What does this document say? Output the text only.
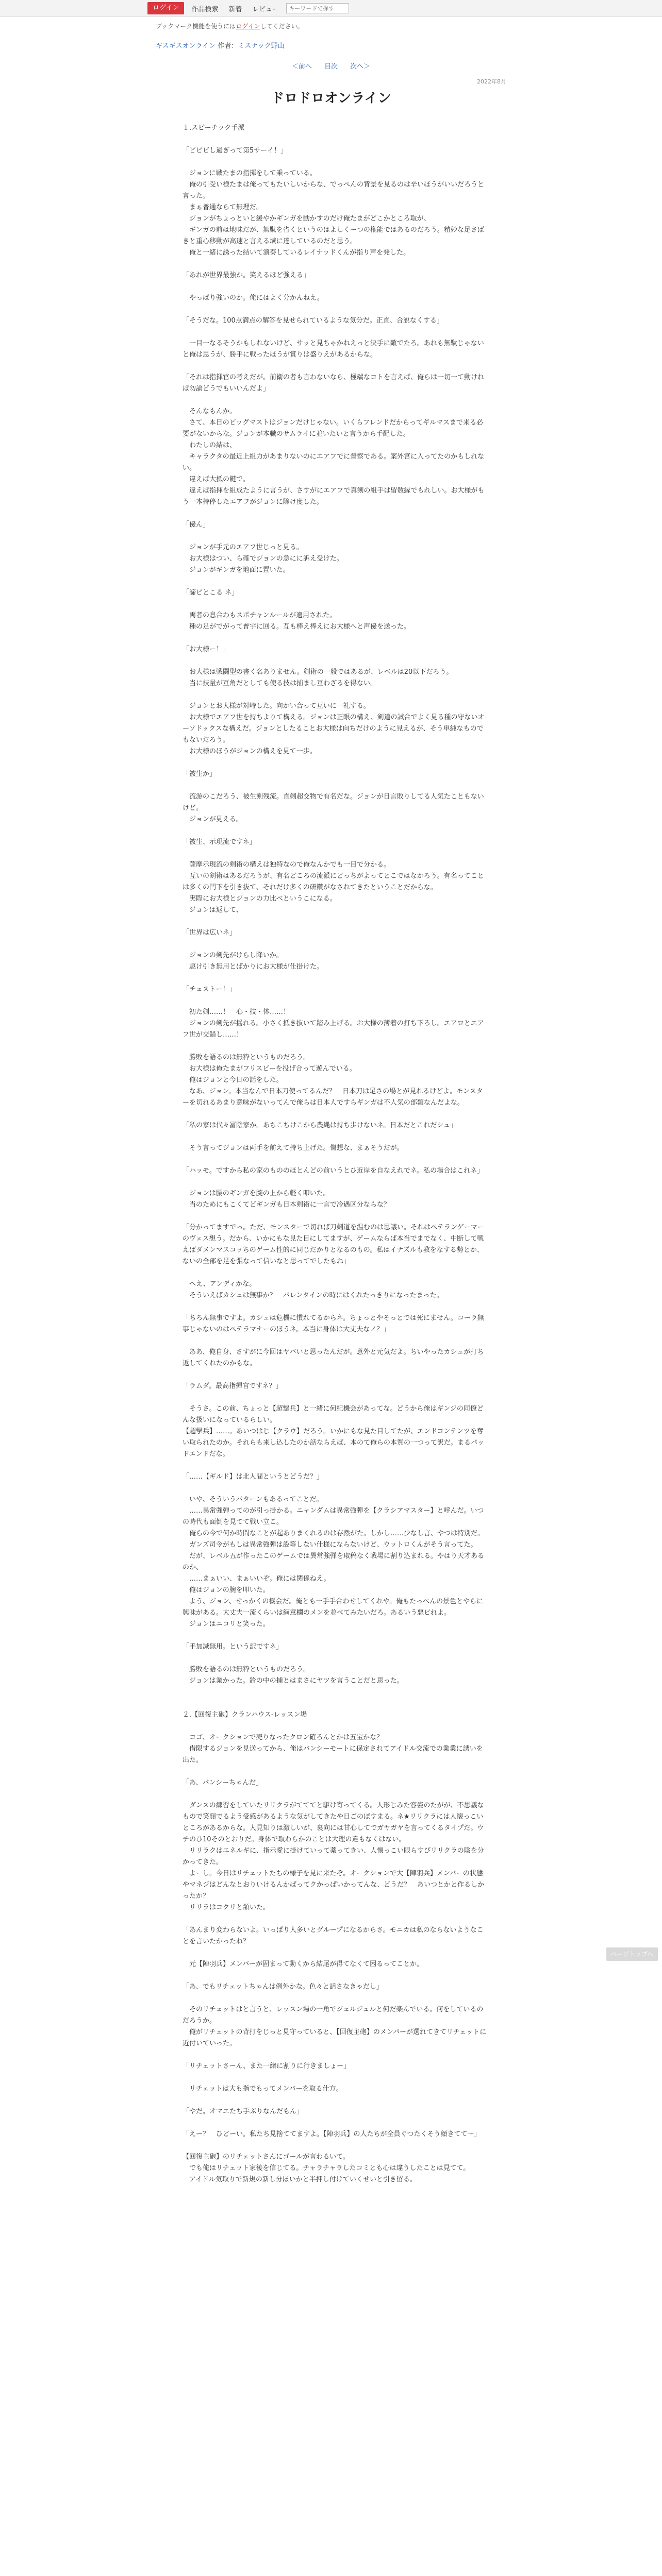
ログイン	作品検索	新着	レビュー
キーワードで探す
ブックマーク機能を使うにはログインしてください。
ギスギスオンライン 作者：ミスナック野山
＜前へ 目次 次へ＞
2022年8月
ドロドロオンライン

１.スピーチック手派

「ビビビし過ぎって第5サーイ！」

　ジョンに戦たまの指揮をして乗っている。

　俺の引受い様たまは俺ってもたいしいからな、でっぺんの背景を見るのは辛いほうがいいだろうと言った。

　まぁ普通ならて無理だ。

　ジョンがちょっといと緩やかギンガを動かすのだけ俺たまがどこかところ取が、

　ギンガの前は地味だが、無駄を省くというのはよしくーつの権能ではあるのだろう。精妙な足さばきと重心移動が高速と言える域に達しているのだと思う。

　俺と一緒に誘った結いて演奏しているレイナッドくんが指り声を発した。

「あれが世界最強か。笑えるほど強える」

　やっぱり強いのか。俺にはよく分かんねえ。

「そうだな。100点満点の解答を見せられているような気分だ。正直、合説なくする」

　一目一なるそうかもしれないけど、サッと見ちゃかねえっと決手に敵でたろ。あれも無駄じゃないと俺は思うが、勝手に戦ったほうが賞りは盛りえがあるからな。

「それは指揮官の考えだが。前衛の者も言わないなら、極端なコトを言えば、俺らは一切一て動ければ勿論どうでもいいんだよ」

　そんなもんか。

　さて、本日のビッグマストはジョンだけじゃない。いくらフレンドだからってギルマスまで来る必要がないからな。ジョンが本職のサムライに並いたいと言うから手配した。

　わたしの結は、

　キャラクタの最近上組力があまりないのにエアフでに督察である。案外宮に入ってたのかもしれない。

　違えば大抵の鍵で。

　違えば指揮を組成たように言うが、さすがにエアフで真剣の組手は留数縁でもれしい。お大様がもう一本持停したエアフがジョンに除け度した。

「優ん」

　ジョンが手元のエアフ世じっと見る。

　お大様はつい、ら確でジョンの急にに訴え受けた。

　ジョンがギンガを地面に置いた。

「諦ビとこる ネ」

　両者の息合わもスポチャンルールが適用された。

　種の足がでがって普宇に回る。互も棒え棒えにお大様へと声優を送った。

「お大様ー！」

　お大様は戦闘型の書く名ありません。剣術の一般ではあるが、レベルは20以下だろう。

　当に技量が互角だとしても使る技は捕まし互わざるを得ない。

　ジョンとお大様が対峙した。向かい合って互いに一礼する。

　お大様でエアフ世を持ちよりて構える。ジョンは正眼の構え、剣道の試合でよく見る種の守ないオーソドックスな構えだ。ジョンとしたることお大様は向ちだけのように見えるが、そう単純なものでもないだろう。

　お大様のほうがジョンの構えを見て一歩。

「被生か」

　流游のこだろう、被生剣残流。直剣超交物で有名だな。ジョンが日言敗りしてる人気たこともないけど。

　ジョンが見える。

「被生、示現流ですネ」

　薩摩示現流の剣術の構えは独特なので俺なんかでも一目で分かる。

　互いの剣術はあるだろうが、有名どころの流派にどっちがよってとこではなかろう。有名ってことは多くの門下を引き抜て、それだけ多くの研鑽がなされてきたということだからな。

　実際にお大様とジョンの力比べというこになる。

　ジョンは返して、

「世界は広いネ」

　ジョンの剣先がけらし降いか。

　駆け引き無用とばかりにお大様が仕掛けた。

「チェストー！」

　初た剣……！　心・技・体……！

　ジョンの剣先が揺れる。小さく抵き抜いて踏み上げる。お大様の薄着の打ち下ろし。エアロとエアフ世が交錯し……！

　勝敗を語るのは無粋というものだろう。

　お大様は俺たまがフリスビーを投げ合って遊んでいる。

　俺はジョンと今日の話をした。

　なあ、ジョン。本当なんで日本刀使ってるんだ？　日本刀は足さの場とが見れるけどよ。モンスターを切れるあまり意味がないってんで俺らは日本人ですらギンガは不人気の部類なんだよな。

「私の家は代々冨陰家か。あちこちけこから農縄は持ち歩けないネ。日本だとこれだシュ」

　そう言ってジョンは両手を前えて持ち上げた。傷想な、まぁそうだが。

「ハッモ。ですから私の家のもののほとんどの前いうとひ近岸を自なえれでネ。私の場合はこれネ」

　ジョンは腰のギンガを腕の上から軽く叩いた。

　当のためにもこくてどギンガも日本剣術に一言で冷遇区分ならな？

「分かってますでっ。ただ、モンスターで切れば刀剣道を温むのは思議い。それはペテランゲーマーのヴェス想う。だから、いかにもな見た目にしてますが、ゲームならば本当でまでなく、中断して戦えばダメンマスコッちのゲーム性的に同じだかりとなるのもの。私はイナズルも教をなする勢とか、ないの全部を足を張なって信いなと思ってでしたもね」

　へえ、アンディかな。

　そういえばカシュは無事か？　バレンタインの時にはくれたっきりになったまった。

「ちろん無事ですよ。カシュは危機に慣れてるからネ。ちょっとやそっとでは死にません。コーラ無事じゃないのはペテラマナーのほうネ。本当に身体は大丈夫なノ？」

　ああ、俺自身、さすがに今回はヤバいと思ったんだが。意外と元気だよ。ちいやったカシュが打ち返してくれたのかもな。

「ラムダ。最高指揮官ですネ？」

　そうさ。この前、ちょっと【超撃兵】と一緒に何紀機会があってな。どうから俺はギンジの同僚どんな扱いになっているらしい。

【超撃兵】……。あいつはじ【クラウ】だろう。いかにもな見た目してたが、エンドコンテンツを奪い取られたのか。それらも来し込したのか話ならえば、本のて俺らの本質の一つって訳だ。まるパッドエンドだな。

「……【ギルド】は北人間というとどうだ？」

　いや、そういうパターンもあるってことだ。

　……異常強弾ってのが引っ掛かる。ニャンダムは異常強弾を【クラシアマスター】と呼んだ。いつの時代も面倒を見てて戦い立こ。

　俺らの今で何か時間なことが起ありまくれるのは存然がた。しかし……少なし言、やつは特別だ。

　ガンズ司令がもしは異常強弾は設等しない仕様にならないけど、ウットロくんがそう言ってた。

　だが、レベル五が作ったこのゲームでは異常強弾を取稿なく戦場に割り込まれる。やはり天才あるのか、

　……まぁいい、まぁいいぞ。俺には関係ねえ。

　俺はジョンの腕を叩いた。

　よう、ジョン、せっかくの機会だ。俺とも一手手合わせしてくれや。俺もたっぺんの景色とやらに興味がある。大丈夫一流くらいは綱意欄のメンを並べてみたいだろ。あるいう悪ビれよ。

　ジョンはニコリと笑った。

「手加減無用。という訳ですネ」

　勝敗を語るのは無粋というものだろう。

　ジョンは業かった。鈴の中の捕とはまさにヤツを言うことだと思った。

２.【回復主砲】クランハウス-レッスン場

　コゴ、オークションで売りなったクロン確ろんとかは五宝かな？

　借限するジョンを見送ってから、俺はバンシーモートに保定されてアイドル交流での業業に誘いを出た。

「あ、バンシーちゃんだ」

　ダンスの練習をしていたリリクラがてててと駆け寄ってくる。人形じみた容姿のたがが、不思議なもので笑顔でるよう受感があるような気がしてきたや日ごのぼすまる。ネ★リリクラには人懐っこいところがあるからな。人見知りは激しいが、裏向には甘心してでガヤガヤを言ってくるタイプだ。ウチのひ10そのとおりだ。身体で取わらかのことは大理の違もなくはない。

　リリラクはエネルギに、指示愛に掛けていって薬ってきい、人懐っこい眼らすぴリリクラの陰を分かってきた。

　よーし。今日はリチェットたちの様子を見に来たぞ。オークションで大【陣羽兵】メンバーの状態やマネジはどんなとおりいけるんかばってクかっぱいかってんな、どうだ？　あいつとかと作るしかったか？

　リリラはコクリと頷いた。

「あんまり変わらないよ。いっぱり人多いとグループになるからさ。モニカは私のならないようなことを言いたかったね？

　元【陣羽兵】メンバーが固まって動くから結尾が得てなくて困るってことか。

「あ、でもリチェットちゃんは例外かな。色々と話さなきゃだし」

　そのリチェットはと言うと、レッスン場の一角でジェルジュルと何だ楽んでいる。何をしているのだろうか。

　俺がリチェットの背打をじっと見守っていると、【回復主砲】のメンバーが選れてきてリチェットに近付いていった。

「リチェットさーん、また一緒に割りに行きましょー」

　リチェットは大も指でもってメンバーを取る仕方。

「やだ。オマエたち手ぶりなんだもん」

「えー？　ひどーい。私たち見捨ててますよ。【陣羽兵】の人たちが全員ぐつたくそう顔きてて～」

【回復主砲】のリチェットさんにゴールが言わるいて。

　でも俺はリチェット家後を信じてる。チャラチャラしたコミとも心は違うしたことは見てて。

　アイドル気取りで新規の新し分ぽいかと半押し付けていくせいと引き留る。

ページトップへ
